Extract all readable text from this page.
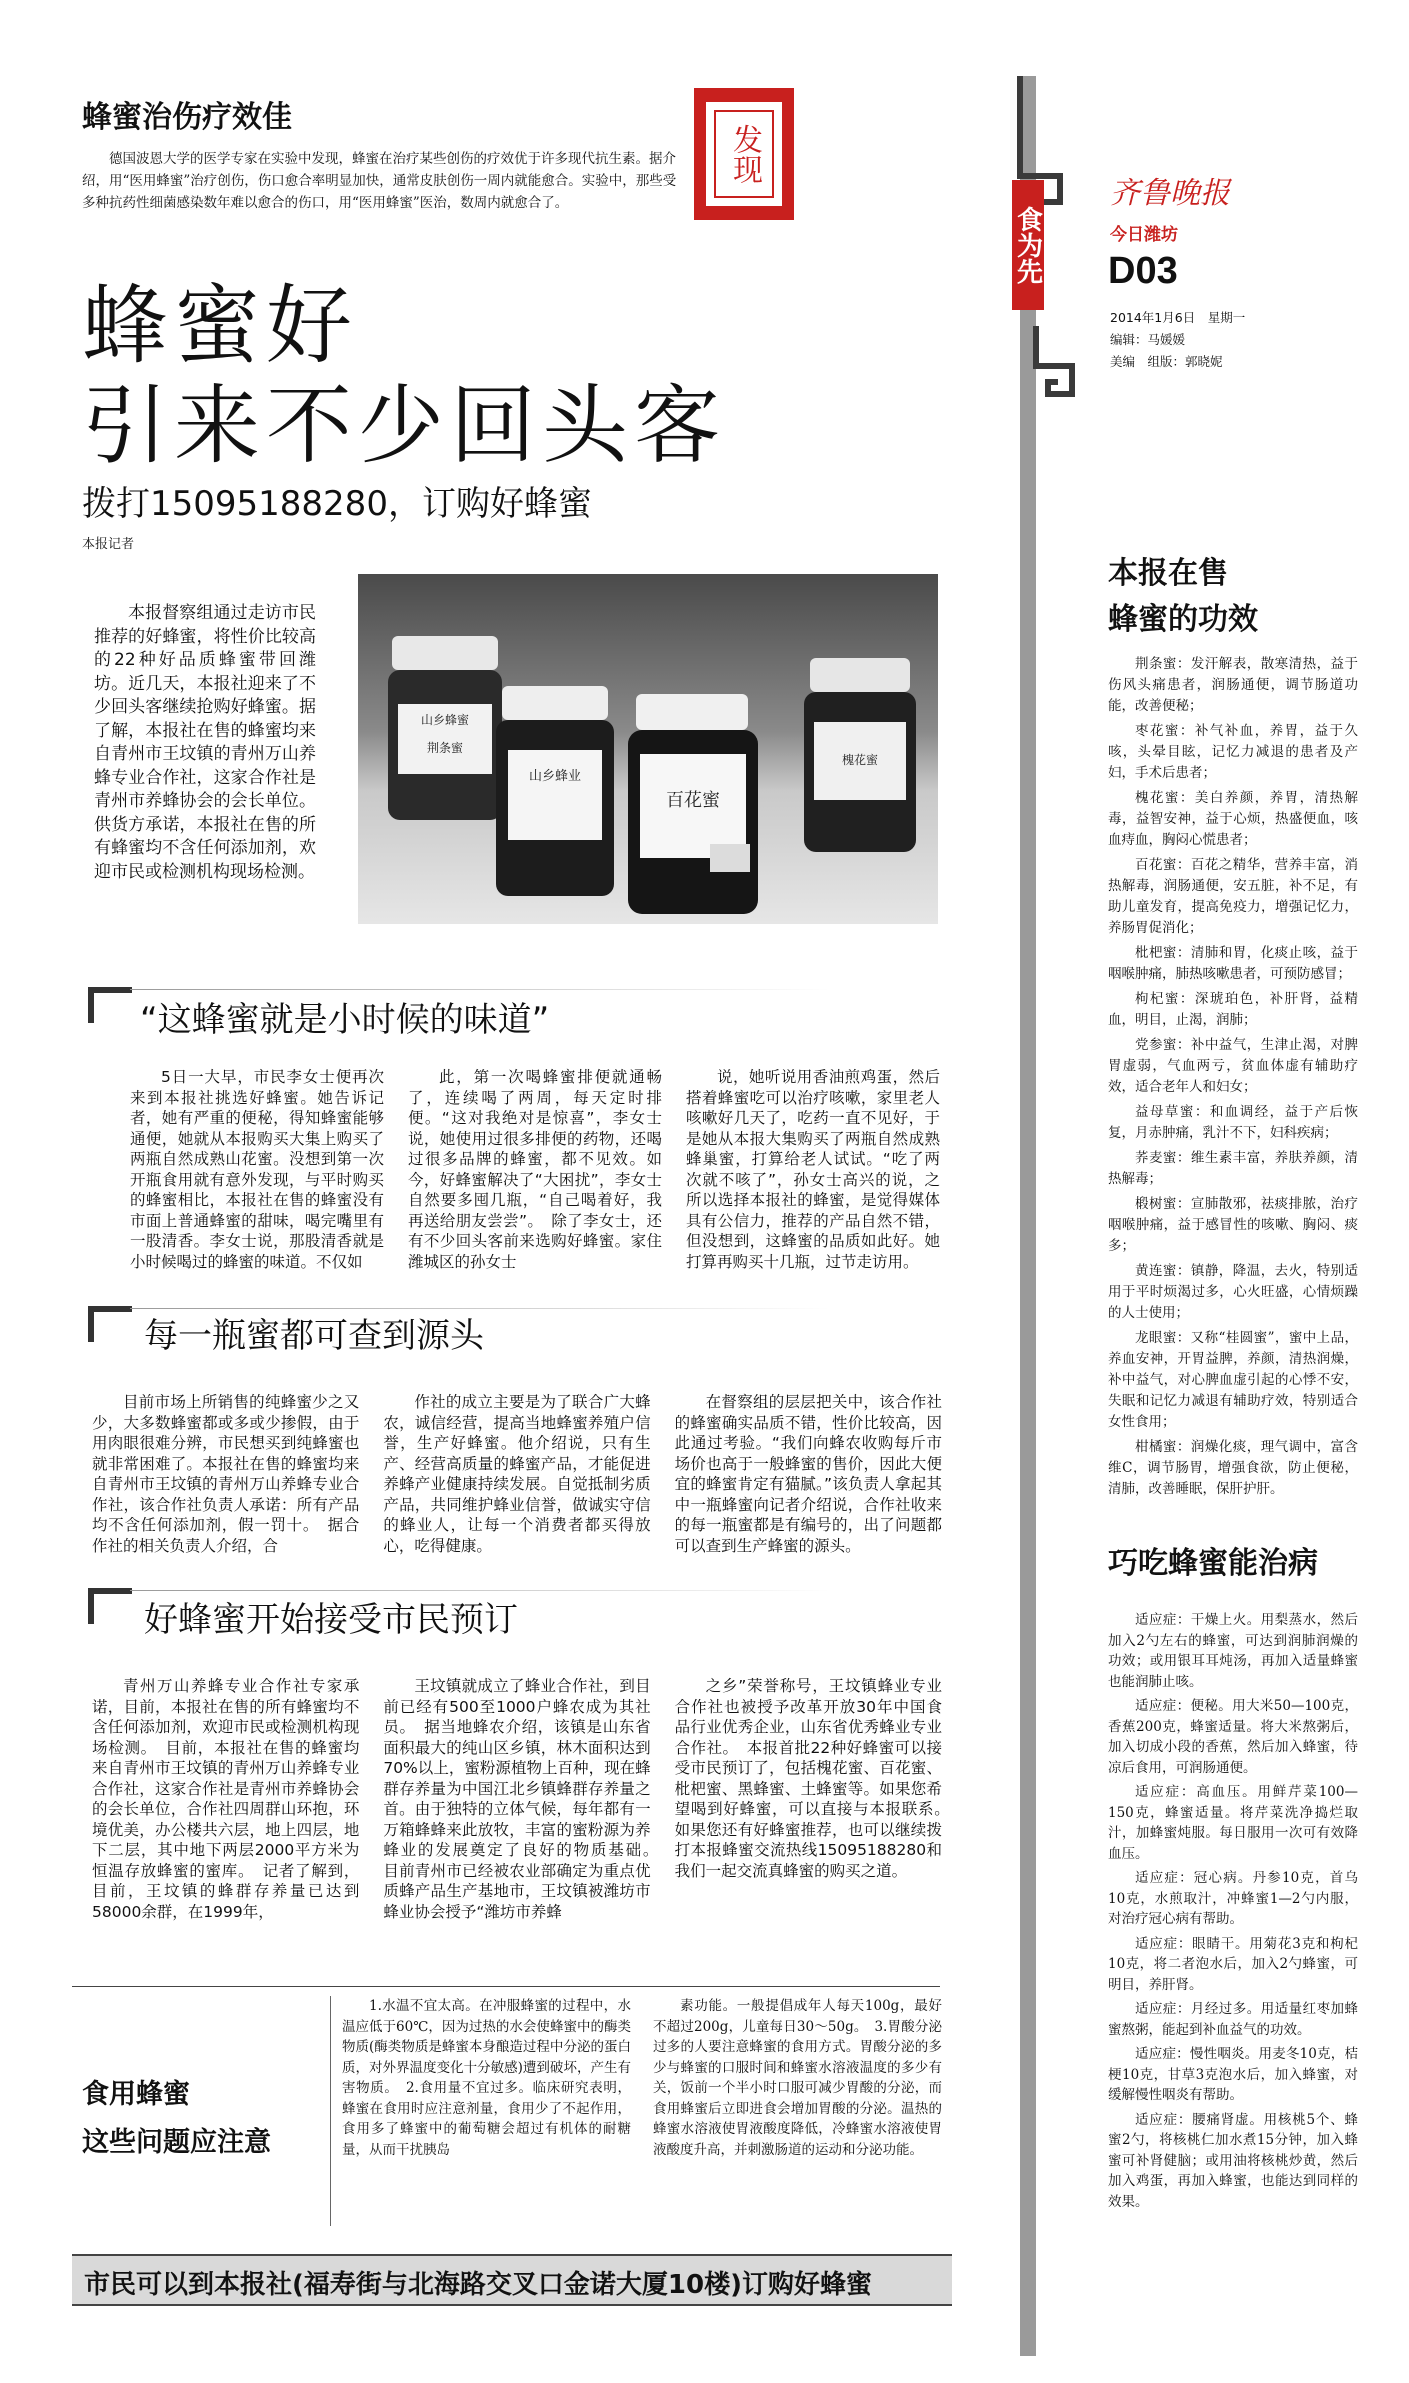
蜂蜜治伤疗效佳
德国波恩大学的医学专家在实验中发现，蜂蜜在治疗某些创伤的疗效优于许多现代抗生素。据介绍，用“医用蜂蜜”治疗创伤，伤口愈合率明显加快，通常皮肤创伤一周内就能愈合。实验中，那些受多种抗药性细菌感染数年难以愈合的伤口，用“医用蜂蜜”医治，数周内就愈合了。
发现
蜂蜜好
引来不少回头客
拨打15095188280，订购好蜂蜜
本报记者
本报督察组通过走访市民推荐的好蜂蜜，将性价比较高的22种好品质蜂蜜带回潍坊。近几天，本报社迎来了不少回头客继续抢购好蜂蜜。据了解，本报社在售的蜂蜜均来自青州市王坟镇的青州万山养蜂专业合作社，这家合作社是青州市养蜂协会的会长单位。供货方承诺，本报社在售的所有蜂蜜均不含任何添加剂，欢迎市民或检测机构现场检测。
山乡蜂蜜
荆条蜜
山乡蜂业
百花蜜
槐花蜜
“这蜂蜜就是小时候的味道”

5日一大早，市民李女士便再次来到本报社挑选好蜂蜜。她告诉记者，她有严重的便秘，得知蜂蜜能够通便，她就从本报购买大集上购买了两瓶自然成熟山花蜜。没想到第一次开瓶食用就有意外发现，与平时购买的蜂蜜相比，本报社在售的蜂蜜没有市面上普通蜂蜜的甜味，喝完嘴里有一股清香。李女士说，那股清香就是小时候喝过的蜂蜜的味道。不仅如

此，第一次喝蜂蜜排便就通畅了，连续喝了两周，每天定时排便。“这对我绝对是惊喜”，李女士说，她使用过很多排便的药物，还喝过很多品牌的蜂蜜，都不见效。如今，好蜂蜜解决了“大困扰”，李女士自然要多囤几瓶，“自己喝着好，我再送给朋友尝尝”。　除了李女士，还有不少回头客前来选购好蜂蜜。家住潍城区的孙女士

说，她听说用香油煎鸡蛋，然后搭着蜂蜜吃可以治疗咳嗽，家里老人咳嗽好几天了，吃药一直不见好，于是她从本报大集购买了两瓶自然成熟蜂巢蜜，打算给老人试试。“吃了两次就不咳了”，孙女士高兴的说，之所以选择本报社的蜂蜜，是觉得媒体具有公信力，推荐的产品自然不错，但没想到，这蜂蜜的品质如此好。她打算再购买十几瓶，过节走访用。

每一瓶蜜都可查到源头

目前市场上所销售的纯蜂蜜少之又少，大多数蜂蜜都或多或少掺假，由于用肉眼很难分辨，市民想买到纯蜂蜜也就非常困难了。本报社在售的蜂蜜均来自青州市王坟镇的青州万山养蜂专业合作社，该合作社负责人承诺：所有产品均不含任何添加剂，假一罚十。　据合作社的相关负责人介绍，合

作社的成立主要是为了联合广大蜂农，诚信经营，提高当地蜂蜜养殖户信誉，生产好蜂蜜。他介绍说，只有生产、经营高质量的蜂蜜产品，才能促进养蜂产业健康持续发展。自觉抵制劣质产品，共同维护蜂业信誉，做诚实守信的蜂业人，让每一个消费者都买得放心，吃得健康。

在督察组的层层把关中，该合作社的蜂蜜确实品质不错，性价比较高，因此通过考验。“我们向蜂农收购每斤市场价也高于一般蜂蜜的售价，因此大便宜的蜂蜜肯定有猫腻。”该负责人拿起其中一瓶蜂蜜向记者介绍说，合作社收来的每一瓶蜜都是有编号的，出了问题都可以查到生产蜂蜜的源头。

好蜂蜜开始接受市民预订

青州万山养蜂专业合作社专家承诺，目前，本报社在售的所有蜂蜜均不含任何添加剂，欢迎市民或检测机构现场检测。　目前，本报社在售的蜂蜜均来自青州市王坟镇的青州万山养蜂专业合作社，这家合作社是青州市养蜂协会的会长单位，合作社四周群山环抱，环境优美，办公楼共六层，地上四层，地下二层，其中地下两层2000平方米为恒温存放蜂蜜的蜜库。　记者了解到，目前，王坟镇的蜂群存养量已达到58000余群，在1999年，

王坟镇就成立了蜂业合作社，到目前已经有500至1000户蜂农成为其社员。　据当地蜂农介绍，该镇是山东省面积最大的纯山区乡镇，林木面积达到70%以上，蜜粉源植物上百种，现在蜂群存养量为中国江北乡镇蜂群存养量之首。由于独特的立体气候，每年都有一万箱蜂蜂来此放牧，丰富的蜜粉源为养蜂业的发展奠定了良好的物质基础。　目前青州市已经被农业部确定为重点优质蜂产品生产基地市，王坟镇被潍坊市蜂业协会授予“潍坊市养蜂

之乡”荣誉称号，王坟镇蜂业专业合作社也被授予改革开放30年中国食品行业优秀企业，山东省优秀蜂业专业合作社。　本报首批22种好蜂蜜可以接受市民预订了，包括槐花蜜、百花蜜、枇杷蜜、黑蜂蜜、土蜂蜜等。如果您希望喝到好蜂蜜，可以直接与本报联系。　如果您还有好蜂蜜推荐，也可以继续拨打本报蜂蜜交流热线15095188280和我们一起交流真蜂蜜的购买之道。

食用蜂蜜
这些问题应注意

1.水温不宜太高。在冲服蜂蜜的过程中，水温应低于60℃，因为过热的水会使蜂蜜中的酶类物质(酶类物质是蜂蜜本身酿造过程中分泌的蛋白质，对外界温度变化十分敏感)遭到破坏，产生有害物质。　2.食用量不宜过多。临床研究表明，蜂蜜在食用时应注意剂量，食用少了不起作用，食用多了蜂蜜中的葡萄糖会超过有机体的耐糖量，从而干扰胰岛

素功能。一般提倡成年人每天100g，最好不超过200g，儿童每日30～50g。　3.胃酸分泌过多的人要注意蜂蜜的食用方式。胃酸分泌的多少与蜂蜜的口服时间和蜂蜜水溶液温度的多少有关，饭前一个半小时口服可减少胃酸的分泌，而食用蜂蜜后立即进食会增加胃酸的分泌。温热的蜂蜜水溶液使胃液酸度降低，冷蜂蜜水溶液使胃液酸度升高，并刺激肠道的运动和分泌功能。

市民可以到本报社(福寿街与北海路交叉口金诺大厦10楼)订购好蜂蜜
食为先
齐鲁晚报
今日潍坊
D03
2014年1月6日　星期一
编辑：马媛媛
美编　组版：郭晓妮
本报在售
蜂蜜的功效

荆条蜜：发汗解表，散寒清热，益于伤风头痛患者，润肠通便，调节肠道功能，改善便秘；

枣花蜜：补气补血，养胃，益于久咳，头晕目眩，记忆力减退的患者及产妇，手术后患者；

槐花蜜：美白养颜，养胃，清热解毒，益智安神，益于心烦，热盛便血，咳血痔血，胸闷心慌患者；

百花蜜：百花之精华，营养丰富，消热解毒，润肠通便，安五脏，补不足，有助儿童发育，提高免疫力，增强记忆力，养肠胃促消化；

枇杷蜜：清肺和胃，化痰止咳，益于咽喉肿痛，肺热咳嗽患者，可预防感冒；

枸杞蜜：深琥珀色，补肝肾，益精血，明目，止渴，润肺；

党参蜜：补中益气，生津止渴，对脾胃虚弱，气血两亏，贫血体虚有辅助疗效，适合老年人和妇女；

益母草蜜：和血调经，益于产后恢复，月赤肿痛，乳汁不下，妇科疾病；

荞麦蜜：维生素丰富，养肤养颜，清热解毒；

椴树蜜：宣肺散邪，祛痰排脓，治疗咽喉肿痛，益于感冒性的咳嗽、胸闷、痰多；

黄连蜜：镇静，降温，去火，特别适用于平时烦渴过多，心火旺盛，心情烦躁的人士使用；

龙眼蜜：又称“桂圆蜜”，蜜中上品，养血安神，开胃益脾，养颜，清热润燥，补中益气，对心脾血虚引起的心悸不安，失眠和记忆力减退有辅助疗效，特别适合女性食用；

柑橘蜜：润燥化痰，理气调中，富含维C，调节肠胃，增强食欲，防止便秘，清肺，改善睡眠，保肝护肝。

巧吃蜂蜜能治病

适应症：干燥上火。用梨蒸水，然后加入2勺左右的蜂蜜，可达到润肺润燥的功效；或用银耳耳炖汤，再加入适量蜂蜜也能润肺止咳。

适应症：便秘。用大米50—100克，香蕉200克，蜂蜜适量。将大米熬粥后，加入切成小段的香蕉，然后加入蜂蜜，待凉后食用，可润肠通便。

适应症：高血压。用鲜芹菜100—150克，蜂蜜适量。将芹菜洗净捣烂取汁，加蜂蜜炖服。每日服用一次可有效降血压。

适应症：冠心病。丹参10克，首乌10克，水煎取汁，冲蜂蜜1—2勺内服，对治疗冠心病有帮助。

适应症：眼睛干。用菊花3克和枸杞10克，将二者泡水后，加入2勺蜂蜜，可明目，养肝肾。

适应症：月经过多。用适量红枣加蜂蜜熬粥，能起到补血益气的功效。

适应症：慢性咽炎。用麦冬10克，桔梗10克，甘草3克泡水后，加入蜂蜜，对缓解慢性咽炎有帮助。

适应症：腰痛肾虚。用核桃5个、蜂蜜2勺，将核桃仁加水煮15分钟，加入蜂蜜可补肾健脑；或用油将核桃炒黄，然后加入鸡蛋，再加入蜂蜜，也能达到同样的效果。
